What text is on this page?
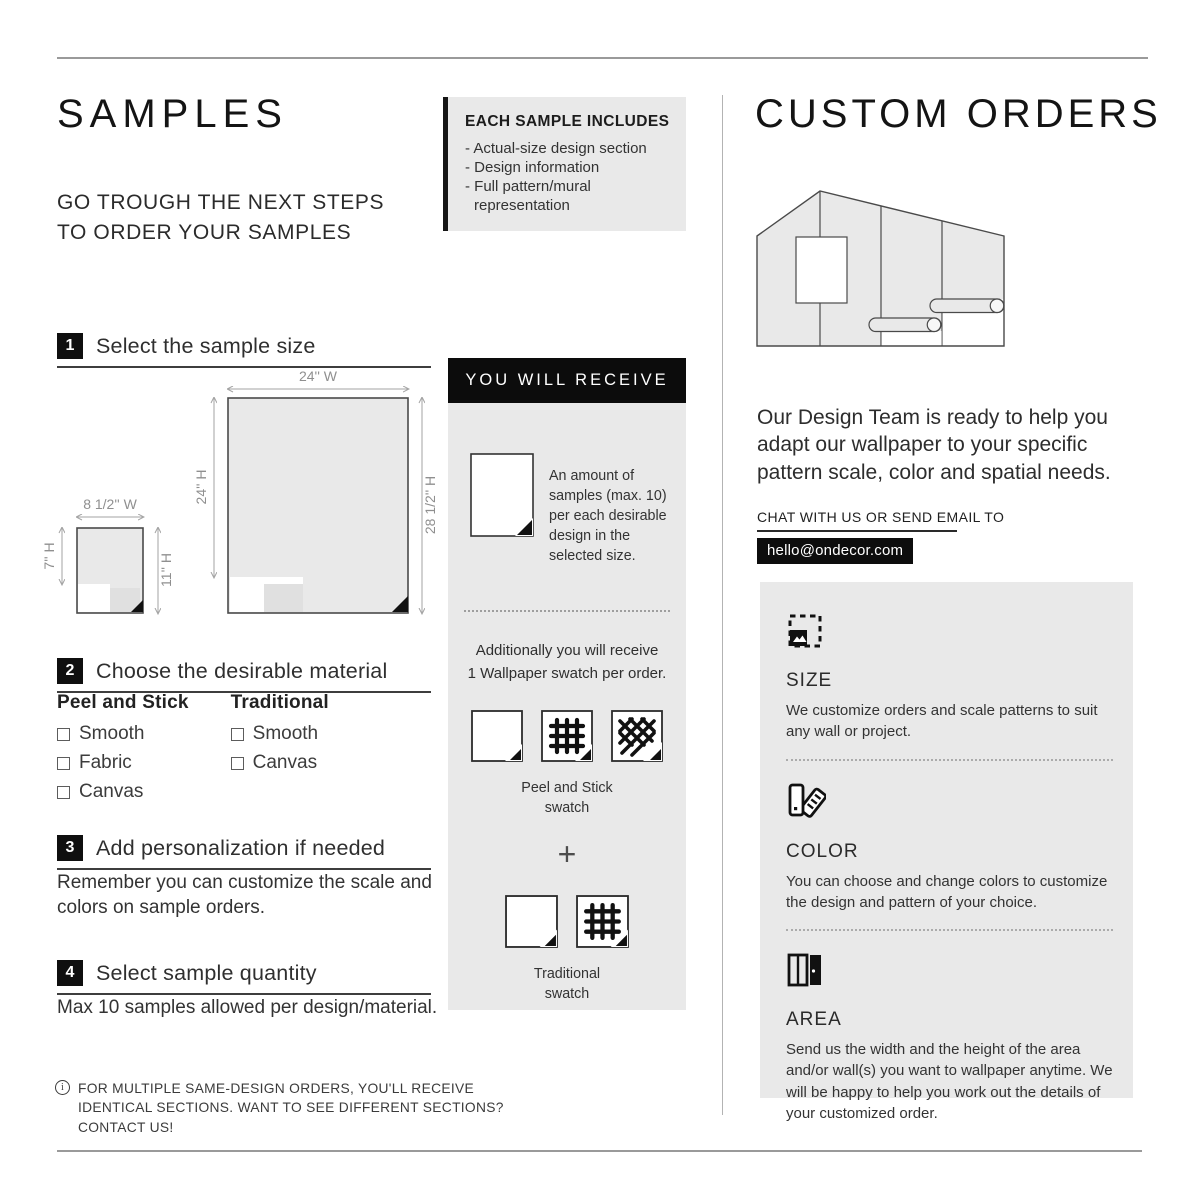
SAMPLES
GO TROUGH THE NEXT STEPS
TO ORDER YOUR SAMPLES
EACH SAMPLE INCLUDES
- Actual-size design section
- Design information
- Full pattern/mural representation
1	Select the sample size
8 1/2'' W
7'' H	11'' H
24'' W
24'' H	28 1/2'' H
2	Choose the desirable material
Peel and Stick
Smooth
Fabric
Canvas
Traditional
Smooth
Canvas
3	Add personalization if needed
Remember you can customize the scale and colors on sample orders.
4	Select sample quantity
Max 10 samples allowed per design/material.
i	FOR MULTIPLE SAME-DESIGN ORDERS, YOU'LL RECEIVE IDENTICAL SECTIONS. WANT TO SEE DIFFERENT SECTIONS? CONTACT US!
YOU WILL RECEIVE
An amount of samples (max. 10) per each desirable design in the selected size.
Additionally you will receive
1 Wallpaper swatch per order.
Peel and Stick swatch
+
Traditional swatch
CUSTOM ORDERS
Our Design Team is ready to help you adapt our wallpaper to your specific pattern scale, color and spatial needs.
CHAT WITH US OR SEND EMAIL TO
hello@ondecor.com
SIZE
We customize orders and scale patterns to suit any wall or project.
COLOR
You can choose and change colors to customize the design and pattern of your choice.
AREA
Send us the width and the height of the area and/or wall(s) you want to wallpaper anytime. We will be happy to help you work out the details of your customized order.
